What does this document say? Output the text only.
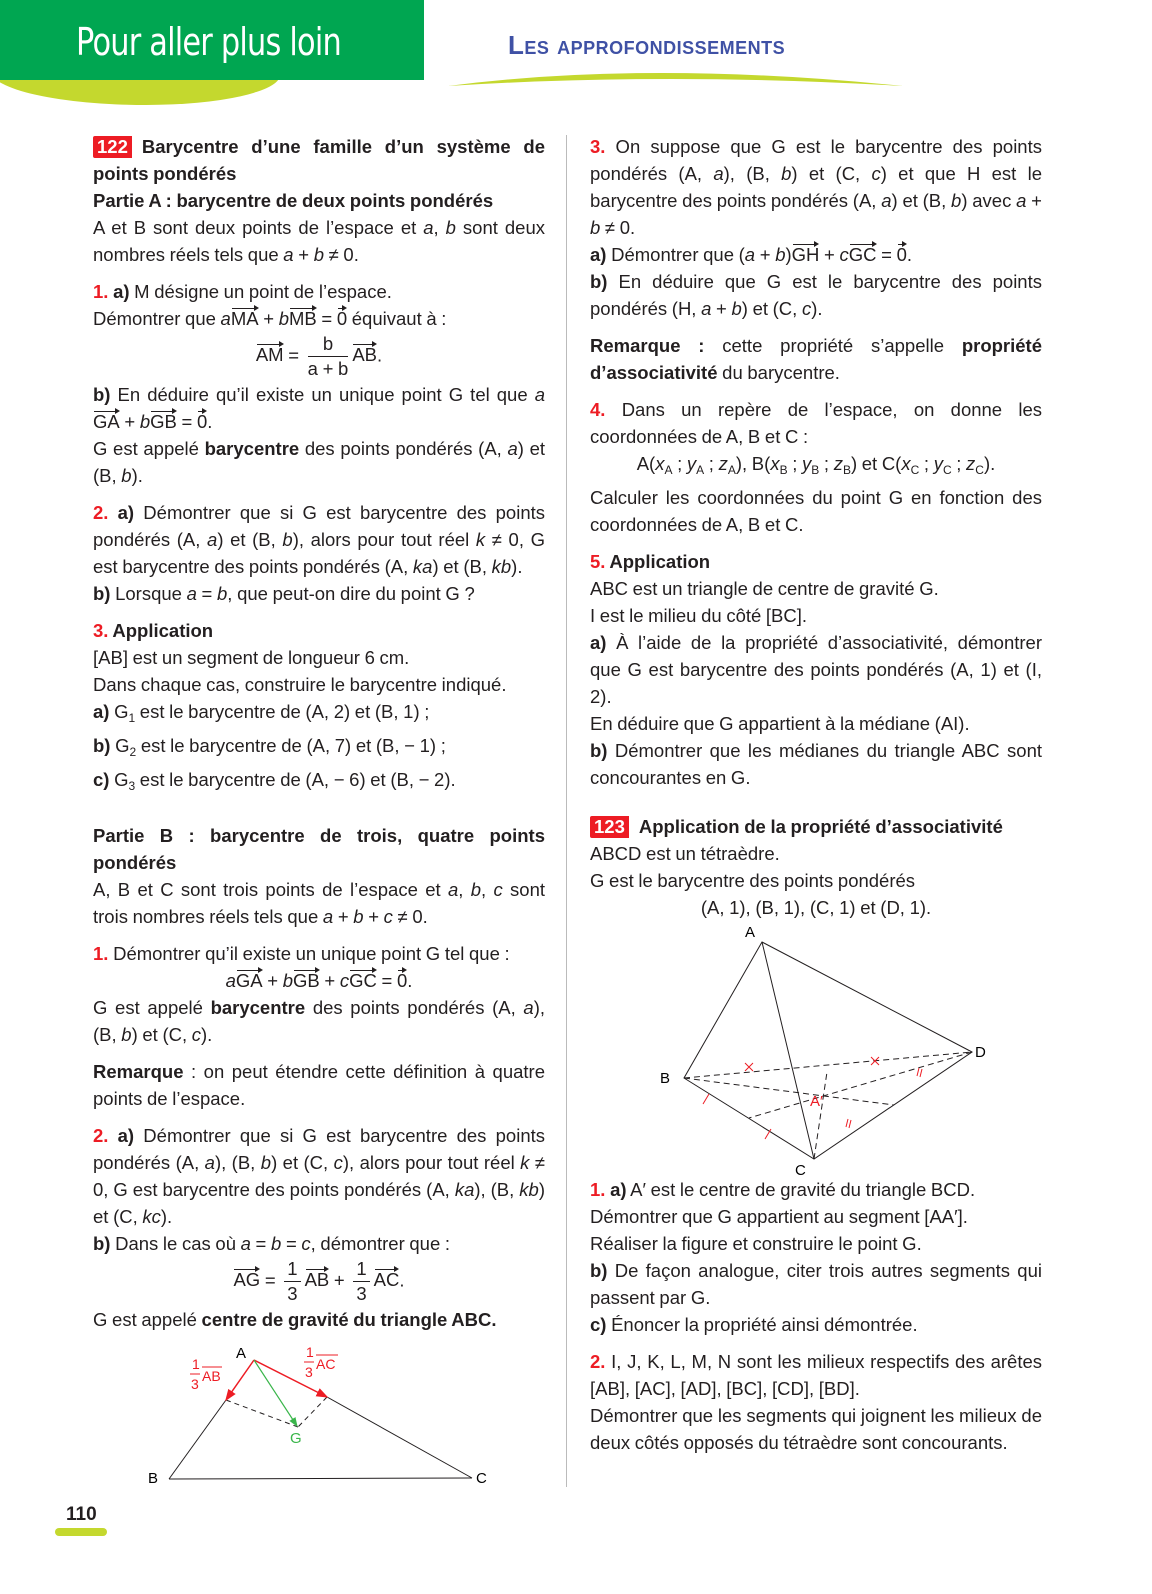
Pour aller plus loin	Les approfondissements
122 Barycentre d’une famille d’un système de points pondérés
Partie A : barycentre de deux points pondérés
A et B sont deux points de l’espace et a, b sont deux nombres réels tels que a + b ≠ 0.
1. a) M désigne un point de l’espace.
Démontrer que aMA + bMB = 0 équivaut à :
AM = $\frac{b}{a + b}$ AB.
b) En déduire qu’il existe un unique point G tel que aGA + bGB = 0.
G est appelé barycentre des points pondérés (A, a) et (B, b).
2. a) Démontrer que si G est barycentre des points pondérés (A, a) et (B, b), alors pour tout réel k ≠ 0, G est barycentre des points pondérés (A, ka) et (B, kb).
b) Lorsque a = b, que peut-on dire du point G ?
3. Application
[AB] est un segment de longueur 6 cm.
Dans chaque cas, construire le barycentre indiqué.
a) $G_1$ est le barycentre de (A, 2) et (B, 1) ;
b) $G_2$ est le barycentre de (A, 7) et (B, − 1) ;
c) $G_3$ est le barycentre de (A, − 6) et (B, − 2).
Partie B : barycentre de trois, quatre points pondérés
A, B et C sont trois points de l’espace et a, b, c sont trois nombres réels tels que a + b + c ≠ 0.
1. Démontrer qu’il existe un unique point G tel que :
aGA + bGB + cGC = 0.
G est appelé barycentre des points pondérés (A, a), (B, b) et (C, c).
Remarque : on peut étendre cette définition à quatre points de l’espace.
2. a) Démontrer que si G est barycentre des points pondérés (A, a), (B, b) et (C, c), alors pour tout réel k ≠ 0, G est barycentre des points pondérés (A, ka), (B, kb) et (C, kc).
b) Dans le cas où a = b = c, démontrer que :
AG = $\frac{1}{3}$ AB + $\frac{1}{3}$ AC.
G est appelé centre de gravité du triangle ABC.
A
B	C
G
1
3 AB
1
3 AC
3. On suppose que G est le barycentre des points pondérés (A, a), (B, b) et (C, c) et que H est le barycentre des points pondérés (A, a) et (B, b) avec a + b ≠ 0.
a) Démontrer que (a + b)GH + cGC = 0.
b) En déduire que G est le barycentre des points pondérés (H, a + b) et (C, c).
Remarque : cette propriété s’appelle propriété d’associativité du barycentre.
4. Dans un repère de l’espace, on donne les coordonnées de A, B et C :
$A(x_A$ ; $y_A$ ; $z_A$), $B(x_B$ ; $y_B$ ; $z_B$) et $C(x_C$ ; $y_C$ ; $z_C$).
Calculer les coordonnées du point G en fonction des coordonnées de A, B et C.
5. Application
ABC est un triangle de centre de gravité G.
I est le milieu du côté [BC].
a) À l’aide de la propriété d’associativité, démontrer que G est barycentre des points pondérés (A, 1) et (I, 2).
En déduire que G appartient à la médiane (AI).
b) Démontrer que les médianes du triangle ABC sont concourantes en G.
123 Application de la propriété d’associativité
ABCD est un tétraèdre.
G est le barycentre des points pondérés
(A, 1), (B, 1), (C, 1) et (D, 1).
A
B
C
D
A′
1. a) A′ est le centre de gravité du triangle BCD.
Démontrer que G appartient au segment [AA′].
Réaliser la figure et construire le point G.
b) De façon analogue, citer trois autres segments qui passent par G.
c) Énoncer la propriété ainsi démontrée.
2. I, J, K, L, M, N sont les milieux respectifs des arêtes [AB], [AC], [AD], [BC], [CD], [BD].
Démontrer que les segments qui joignent les milieux de deux côtés opposés du tétraèdre sont concourants.
110
